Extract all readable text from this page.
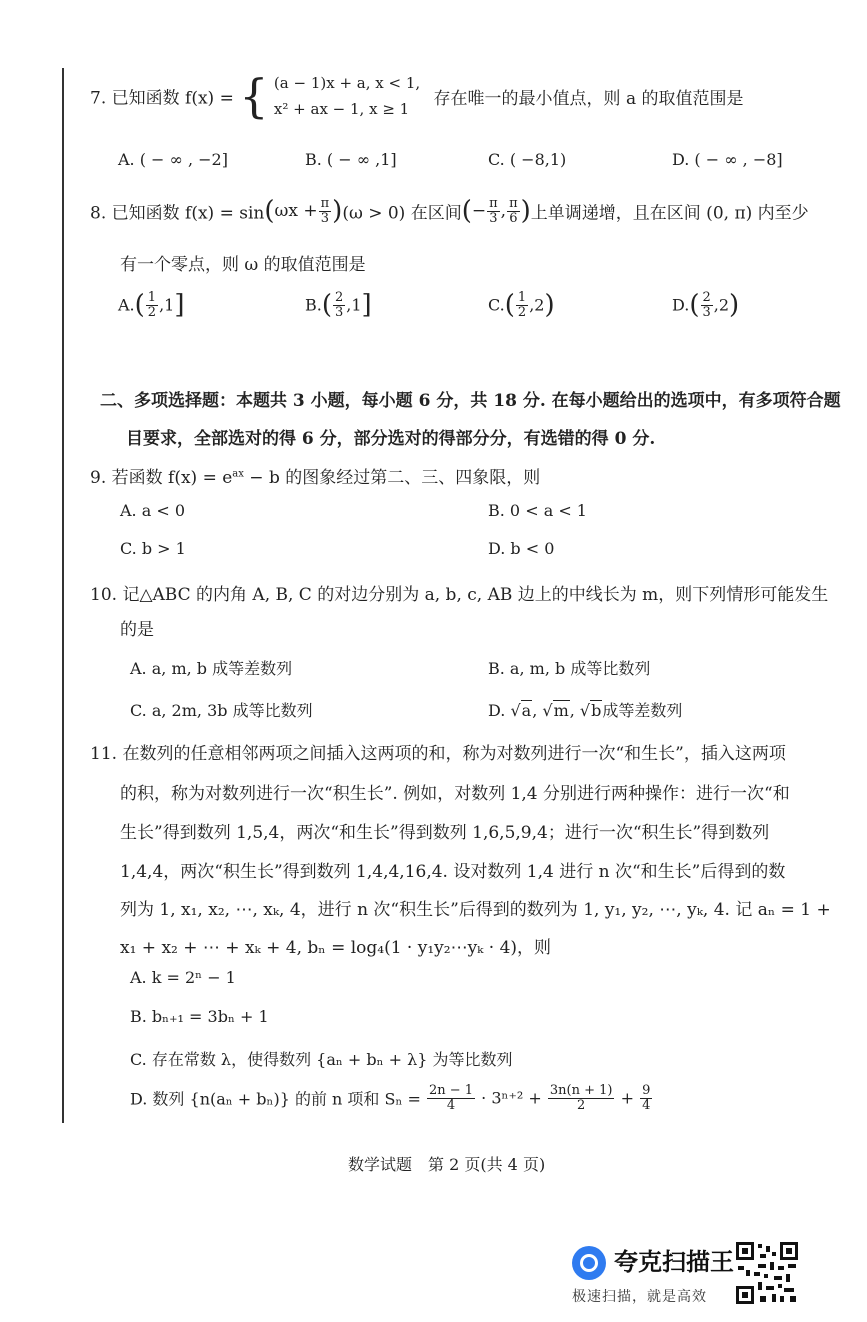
7. 已知函数 f(x) = { (a − 1)x + a, x < 1,
x² + ax − 1, x ≥ 1
存在唯一的最小值点，则 a 的取值范围是
A. ( − ∞ , −2]	B. ( − ∞ ,1]	C. ( −8,1)	D. ( − ∞ , −8]
8. 已知函数 $f(x) = \sin(\omega x + \frac{\pi}{3} )(\omega > 0)$ 在区间(− $\frac{\pi}{3}$ , $\frac{\pi}{6}$ )上单调递增，且在区间 (0, π) 内至少
有一个零点，则 ω 的取值范围是
$A.( \frac{1}{2} ,1]$	$B.( \frac{2}{3} ,1]$	$C.( \frac{1}{2} ,2)$	$D.( \frac{2}{3} ,2)$
二、多项选择题：本题共 3 小题，每小题 6 分，共 18 分. 在每小题给出的选项中，有多项符合题
目要求，全部选对的得 6 分，部分选对的得部分分，有选错的得 0 分.
9. 若函数 $f(x) = e^{ax} - b$ 的图象经过第二、三、四象限，则
A. a < 0	B. 0 < a < 1
C. b > 1	D. b < 0
10. 记△ABC 的内角 A, B, C 的对边分别为 a, b, c, AB 边上的中线长为 m，则下列情形可能发生
的是
A. a, m, b 成等差数列	B. a, m, b 成等比数列
C. a, 2m, 3b 成等比数列	D. √a, √m, √b成等差数列
11. 在数列的任意相邻两项之间插入这两项的和，称为对数列进行一次“和生长”，插入这两项
的积，称为对数列进行一次“积生长”. 例如，对数列 1,4 分别进行两种操作：进行一次“和
生长”得到数列 1,5,4，两次“和生长”得到数列 1,6,5,9,4；进行一次“积生长”得到数列
1,4,4，两次“积生长”得到数列 1,4,4,16,4. 设对数列 1,4 进行 n 次“和生长”后得到的数
列为 1, x₁, x₂, ⋯, xₖ, 4，进行 n 次“积生长”后得到的数列为 1, y₁, y₂, ⋯, yₖ, 4. 记 aₙ = 1 +
x₁ + x₂ + ⋯ + xₖ + 4, bₙ = log₄(1 · y₁y₂⋯yₖ · 4)，则
A. k = 2ⁿ − 1
B. bₙ₊₁ = 3bₙ + 1
C. 存在常数 λ，使得数列 {aₙ + bₙ + λ} 为等比数列
D. 数列 {n(aₙ + bₙ)} 的前 n 项和 $S_n = \frac{2n - 1}{4} \cdot 3^{n+2} + \frac{3n(n + 1)}{2} + \frac{9}{4}$
数学试题　第 2 页(共 4 页)
夸克扫描王
极速扫描，就是高效
